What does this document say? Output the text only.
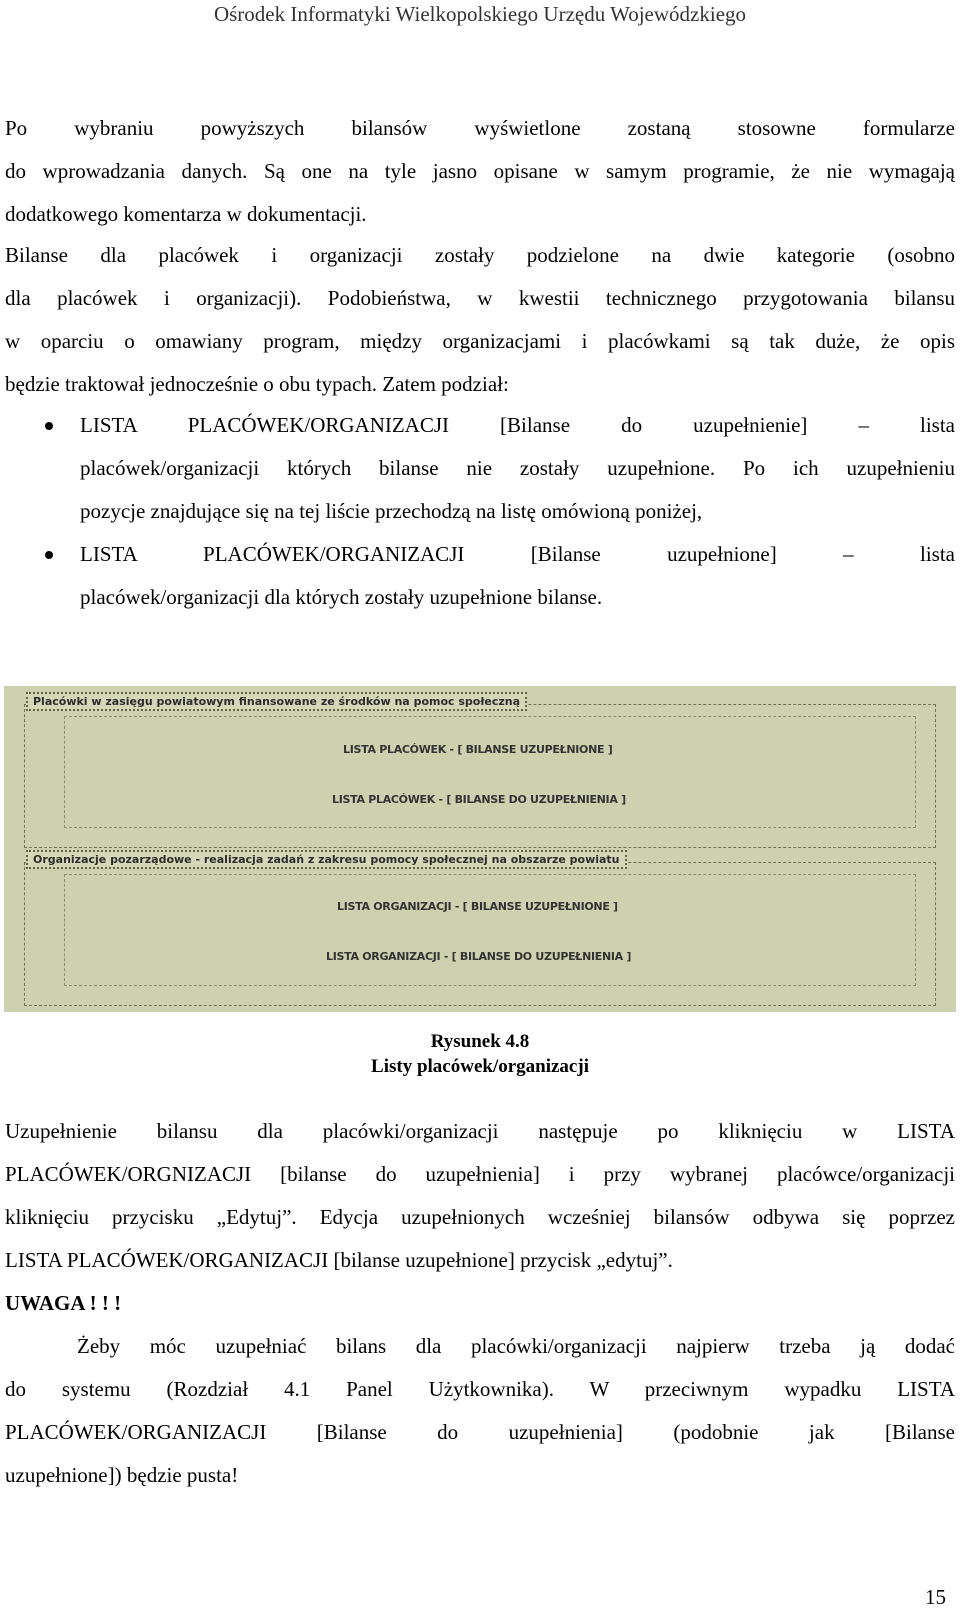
Ośrodek Informatyki Wielkopolskiego Urzędu Wojewódzkiego
Po wybraniu powyższych bilansów wyświetlone zostaną stosowne formularze
do wprowadzania danych. Są one na tyle jasno opisane w samym programie, że nie wymagają
dodatkowego komentarza w dokumentacji.
Bilanse dla placówek i organizacji zostały podzielone na dwie kategorie (osobno
dla placówek i organizacji). Podobieństwa, w kwestii technicznego przygotowania bilansu
w oparciu o omawiany program, między organizacjami i placówkami są tak duże, że opis
będzie traktował jednocześnie o obu typach. Zatem podział:
LISTA PLACÓWEK/ORGANIZACJI [Bilanse do uzupełnienie] – lista
placówek/organizacji których bilanse nie zostały uzupełnione. Po ich uzupełnieniu
pozycje znajdujące się na tej liście przechodzą na listę omówioną poniżej,
LISTA PLACÓWEK/ORGANIZACJI [Bilanse uzupełnione] – lista
placówek/organizacji dla których zostały uzupełnione bilanse.
Placówki w zasięgu powiatowym finansowane ze środków na pomoc społeczną
LISTA PLACÓWEK - [ BILANSE UZUPEŁNIONE ]
LISTA PLACÓWEK - [ BILANSE DO UZUPEŁNIENIA ]
Organizacje pozarządowe - realizacja zadań z zakresu pomocy społecznej na obszarze powiatu
LISTA ORGANIZACJI - [ BILANSE UZUPEŁNIONE ]
LISTA ORGANIZACJI - [ BILANSE DO UZUPEŁNIENIA ]
Rysunek 4.8
Listy placówek/organizacji
Uzupełnienie bilansu dla placówki/organizacji następuje po kliknięciu w LISTA
PLACÓWEK/ORGNIZACJI [bilanse do uzupełnienia] i przy wybranej placówce/organizacji
kliknięciu przycisku „Edytuj”. Edycja uzupełnionych wcześniej bilansów odbywa się poprzez
LISTA PLACÓWEK/ORGANIZACJI [bilanse uzupełnione] przycisk „edytuj”.
UWAGA ! ! !
Żeby móc uzupełniać bilans dla placówki/organizacji najpierw trzeba ją dodać
do systemu (Rozdział 4.1 Panel Użytkownika). W przeciwnym wypadku LISTA
PLACÓWEK/ORGANIZACJI [Bilanse do uzupełnienia] (podobnie jak [Bilanse
uzupełnione]) będzie pusta!
15
